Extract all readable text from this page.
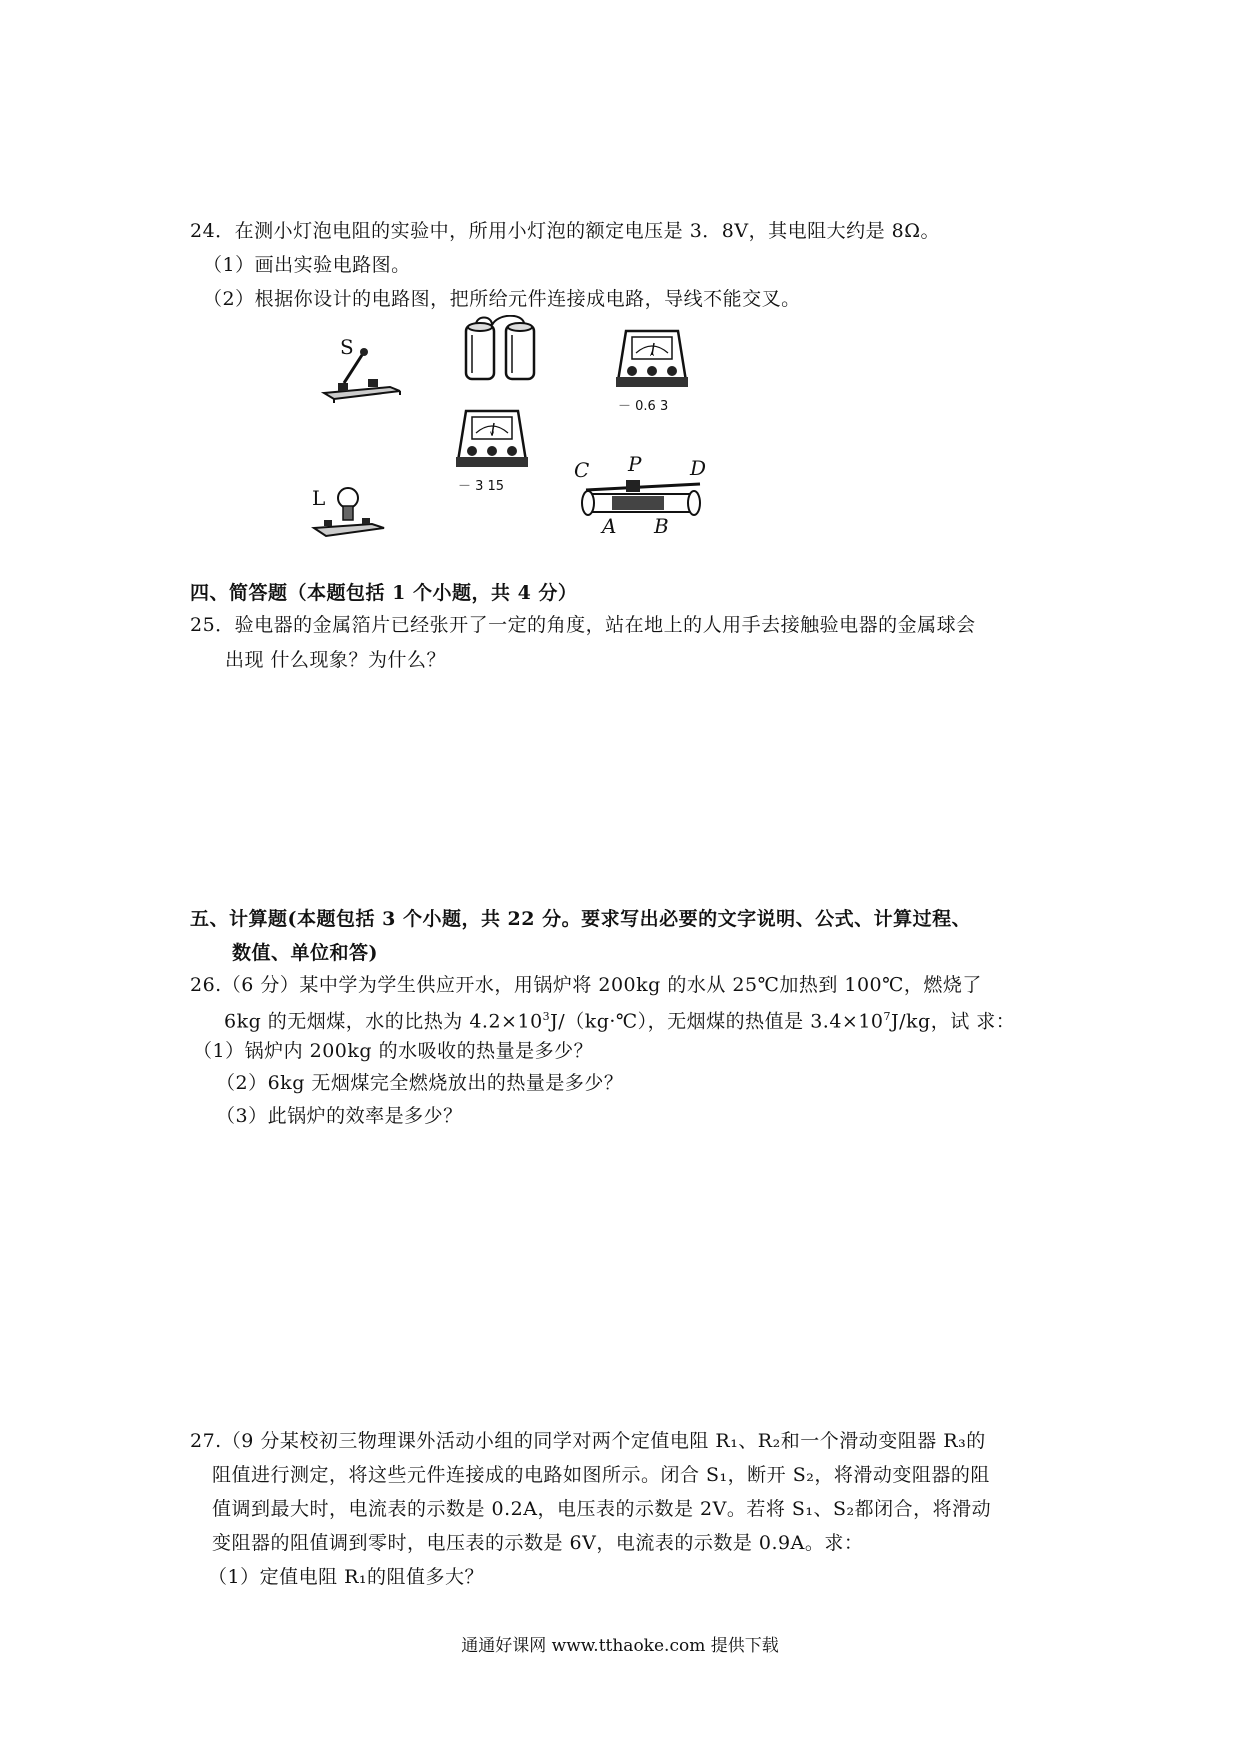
24．在测小灯泡电阻的实验中，所用小灯泡的额定电压是 3．8V，其电阻大约是 8Ω。
（1）画出实验电路图。
（2）根据你设计的电路图，把所给元件连接成电路，导线不能交叉。
S	A
－ 0.6 3
V
－ 3 15
L
C P D
A B
四、简答题（本题包括 1 个小题，共 4 分）
25．验电器的金属箔片已经张开了一定的角度，站在地上的人用手去接触验电器的金属球会
出现 什么现象？为什么？
五、计算题(本题包括 3 个小题，共 22 分。要求写出必要的文字说明、公式、计算过程、
数值、单位和答)
26.（6 分）某中学为学生供应开水，用锅炉将 200kg 的水从 25℃加热到 100℃，燃烧了
6kg 的无烟煤，水的比热为 $4.2\times 10^3J/(kg\cdot℃)$，无烟煤的热值是 $3.4\times 10^7J/kg$，试 求：
（1）锅炉内 200kg 的水吸收的热量是多少？
（2）6kg 无烟煤完全燃烧放出的热量是多少？
（3）此锅炉的效率是多少？
27.（9 分某校初三物理课外活动小组的同学对两个定值电阻 R₁、R₂和一个滑动变阻器 R₃的
阻值进行测定，将这些元件连接成的电路如图所示。闭合 S₁，断开 S₂，将滑动变阻器的阻
值调到最大时，电流表的示数是 0.2A，电压表的示数是 2V。若将 S₁、S₂都闭合，将滑动
变阻器的阻值调到零时，电压表的示数是 6V，电流表的示数是 0.9A。求：
（1）定值电阻 R₁的阻值多大？
通通好课网 www.tthaoke.com 提供下载
